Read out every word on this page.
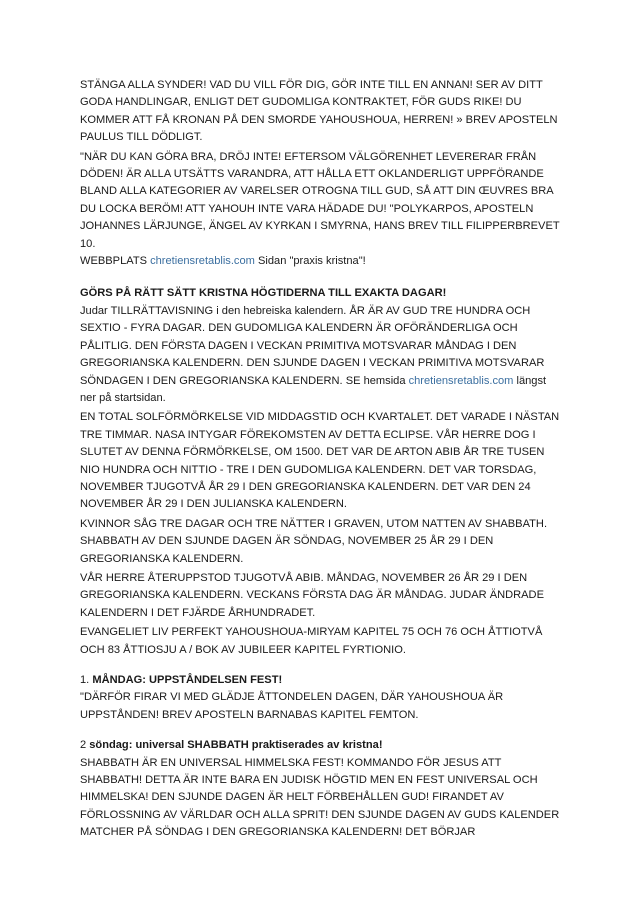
STÄNGA ALLA SYNDER! VAD DU VILL FÖR DIG, GÖR INTE TILL EN ANNAN! SER AV DITT GODA HANDLINGAR, ENLIGT DET GUDOMLIGA KONTRAKTET, FÖR GUDS RIKE! DU KOMMER ATT FÅ KRONAN PÅ DEN SMORDE YAHOUSHOUA, HERREN! » BREV APOSTELN PAULUS TILL DÖDLIGT.

"NÄR DU KAN GÖRA BRA, DRÖJ INTE! EFTERSOM VÄLGÖRENHET LEVERERAR FRÅN DÖDEN! ÄR ALLA UTSÄTTS VARANDRA, ATT HÅLLA ETT OKLANDERLIGT UPPFÖRANDE BLAND ALLA KATEGORIER AV VARELSER OTROGNA TILL GUD, SÅ ATT DIN ŒUVRES BRA DU LOCKA BERÖM! ATT YAHOUH INTE VARA HÄDADE DU! "POLYKARPOS, APOSTELN JOHANNES LÄRJUNGE, ÄNGEL AV KYRKAN I SMYRNA, HANS BREV TILL FILIPPERBREVET 10.

WEBBPLATS chretiensretablis.com Sidan "praxis kristna"!

GÖRS PÅ RÄTT SÄTT KRISTNA HÖGTIDERNA TILL EXAKTA DAGAR!

Judar TILLRÄTTAVISNING i den hebreiska kalendern. ÅR ÄR AV GUD TRE HUNDRA OCH SEXTIO - FYRA DAGAR. DEN GUDOMLIGA KALENDERN ÄR OFÖRÄNDERLIGA OCH PÅLITLIG. DEN FÖRSTA DAGEN I VECKAN PRIMITIVA MOTSVARAR MÅNDAG I DEN GREGORIANSKA KALENDERN. DEN SJUNDE DAGEN I VECKAN PRIMITIVA MOTSVARAR SÖNDAGEN I DEN GREGORIANSKA KALENDERN. SE hemsida chretiensretablis.com längst ner på startsidan.

EN TOTAL SOLFÖRMÖRKELSE VID MIDDAGSTID OCH KVARTALET. DET VARADE I NÄSTAN TRE TIMMAR. NASA INTYGAR FÖREKOMSTEN AV DETTA ECLIPSE. VÅR HERRE DOG I SLUTET AV DENNA FÖRMÖRKELSE, OM 1500. DET VAR DE ARTON ABIB ÅR TRE TUSEN NIO HUNDRA OCH NITTIO - TRE I DEN GUDOMLIGA KALENDERN. DET VAR TORSDAG, NOVEMBER TJUGOTVÅ ÅR 29 I DEN GREGORIANSKA KALENDERN. DET VAR DEN 24 NOVEMBER ÅR 29 I DEN JULIANSKA KALENDERN.

KVINNOR SÅG TRE DAGAR OCH TRE NÄTTER I GRAVEN, UTOM NATTEN AV SHABBATH. SHABBATH AV DEN SJUNDE DAGEN ÄR SÖNDAG, NOVEMBER 25 ÅR 29 I DEN GREGORIANSKA KALENDERN.

VÅR HERRE ÅTERUPPSTOD TJUGOTVÅ ABIB. MÅNDAG, NOVEMBER 26 ÅR 29 I DEN GREGORIANSKA KALENDERN. VECKANS FÖRSTA DAG ÄR MÅNDAG. JUDAR ÄNDRADE KALENDERN I DET FJÄRDE ÅRHUNDRADET.

EVANGELIET LIV PERFEKT YAHOUSHOUA-MIRYAM KAPITEL 75 OCH 76 OCH ÅTTIOTVÅ OCH 83 ÅTTIOSJU A / BOK AV JUBILEER KAPITEL FYRTIONIO.

1. MÅNDAG: UPPSTÅNDELSEN FEST!

"DÄRFÖR FIRAR VI MED GLÄDJE ÅTTONDELEN DAGEN, DÄR YAHOUSHOUA ÄR UPPSTÅNDEN! BREV APOSTELN BARNABAS KAPITEL FEMTON.

2 söndag: universal SHABBATH praktiserades av kristna!

SHABBATH ÄR EN UNIVERSAL HIMMELSKA FEST! KOMMANDO FÖR JESUS ATT SHABBATH! DETTA ÄR INTE BARA EN JUDISK HÖGTID MEN EN FEST UNIVERSAL OCH HIMMELSKA! DEN SJUNDE DAGEN ÄR HELT FÖRBEHÅLLEN GUD! FIRANDET AV FÖRLOSSNING AV VÄRLDAR OCH ALLA SPRIT! DEN SJUNDE DAGEN AV GUDS KALENDER MATCHER PÅ SÖNDAG I DEN GREGORIANSKA KALENDERN! DET BÖRJAR
